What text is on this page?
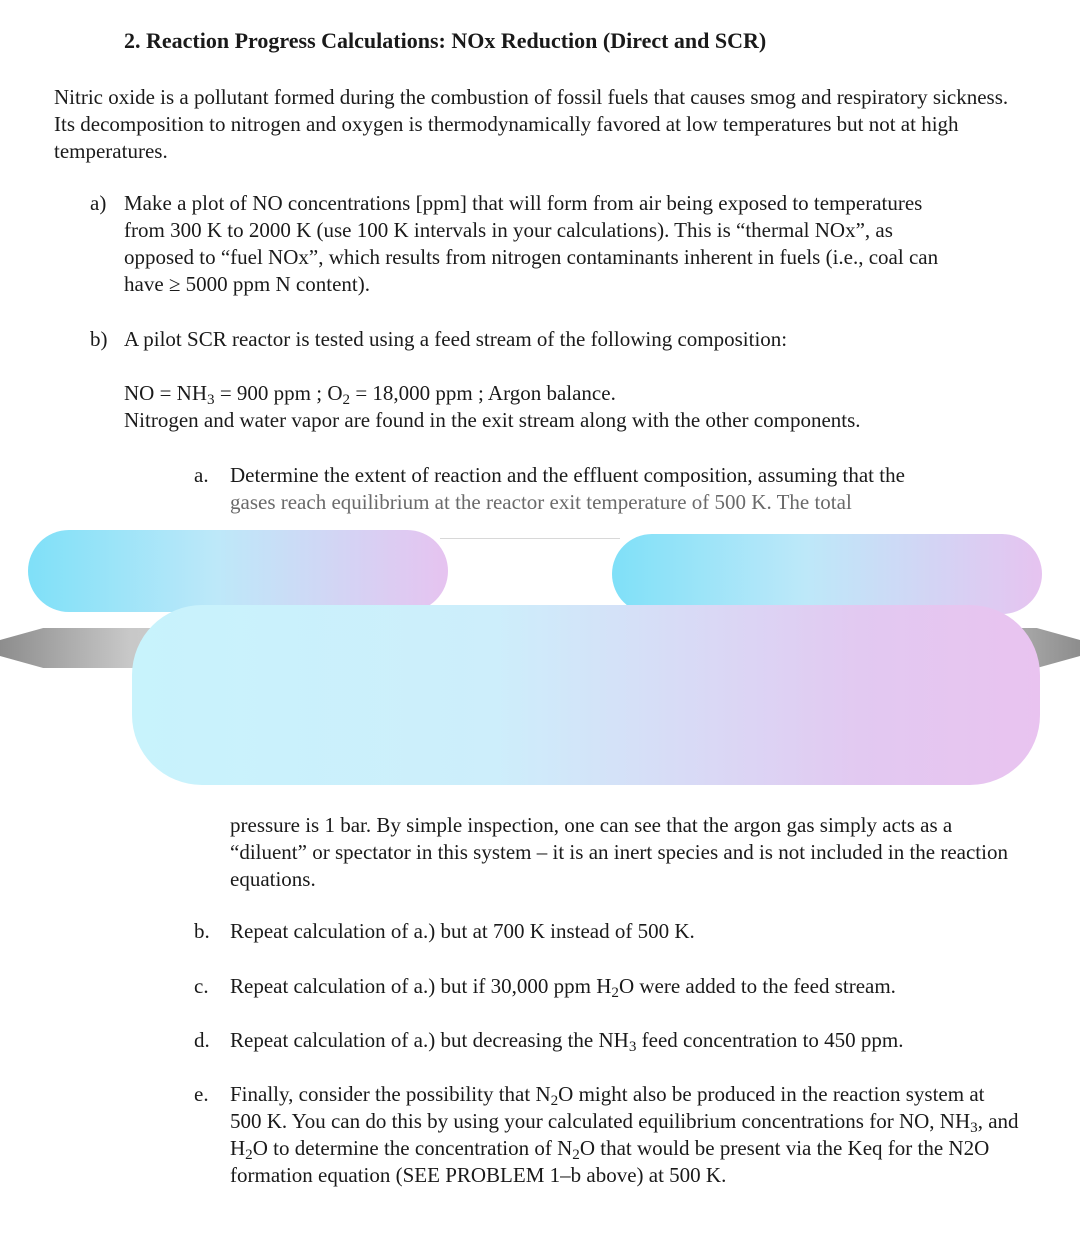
2. Reaction Progress Calculations: NOx Reduction (Direct and SCR)
Nitric oxide is a pollutant formed during the combustion of fossil fuels that causes smog and respiratory sickness. Its decomposition to nitrogen and oxygen is thermodynamically favored at low temperatures but not at high temperatures.
a) Make a plot of NO concentrations [ppm] that will form from air being exposed to temperatures from 300 K to 2000 K (use 100 K intervals in your calculations). This is “thermal NOx”, as opposed to “fuel NOx”, which results from nitrogen contaminants inherent in fuels (i.e., coal can have ≥ 5000 ppm N content).
b) A pilot SCR reactor is tested using a feed stream of the following composition:
NO = $NH_3 = 900$ ppm ; $O_2 = 18,000$ ppm ; Argon balance.
Nitrogen and water vapor are found in the exit stream along with the other components.
a. Determine the extent of reaction and the effluent composition, assuming that the
gases reach equilibrium at the reactor exit temperature of 500 K. The total
pressure is 1 bar. By simple inspection, one can see that the argon gas simply acts as a “diluent” or spectator in this system – it is an inert species and is not included in the reaction equations.
b. Repeat calculation of a.) but at 700 K instead of 500 K.
c. Repeat calculation of a.) but if 30,000 ppm $H_2O$ were added to the feed stream.
d. Repeat calculation of a.) but decreasing the $NH_3$ feed concentration to 450 ppm.
e. Finally, consider the possibility that $N_2O$ might also be produced in the reaction system at 500 K. You can do this by using your calculated equilibrium concentrations for NO, $NH_3$, and $H_2O$ to determine the concentration of $N_2O$ that would be present via the Keq for the N2O formation equation (SEE PROBLEM 1–b above) at 500 K.
